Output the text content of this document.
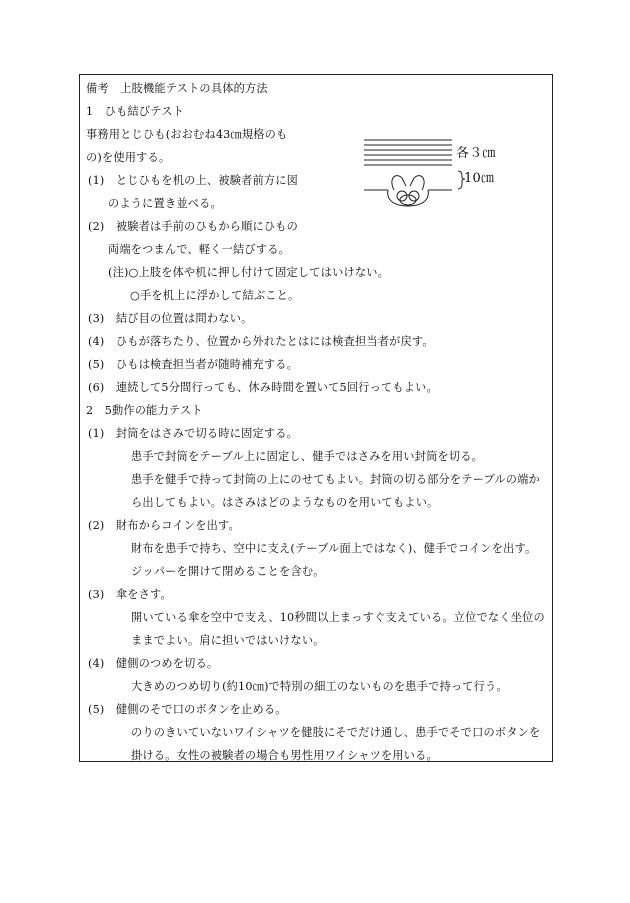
備考　上肢機能テストの具体的方法
1　ひも結びテスト
事務用とじひも(おおむね43㎝規格のも
の)を使用する。
(1)　とじひもを机の上、被験者前方に図
のように置き並べる。
(2)　被験者は手前のひもから順にひもの
両端をつまんで、軽く一結びする。
(注)○上肢を体や机に押し付けて固定してはいけない。
○手を机上に浮かして結ぶこと。
(3)　結び目の位置は問わない。
(4)　ひもが落ちたり、位置から外れたとはには検査担当者が戻す。
(5)　ひもは検査担当者が随時補充する。
(6)　連続して5分間行っても、休み時間を置いて5回行ってもよい。
各３㎝
10㎝
2　5動作の能力テスト
(1)　封筒をはさみで切る時に固定する。
患手で封筒をテーブル上に固定し、健手ではさみを用い封筒を切る。
患手を健手で持って封筒の上にのせてもよい。封筒の切る部分をテーブルの端か
ら出してもよい。はさみはどのようなものを用いてもよい。
(2)　財布からコインを出す。
財布を患手で持ち、空中に支え(テーブル面上ではなく)、健手でコインを出す。
ジッパーを開けて閉めることを含む。
(3)　傘をさす。
開いている傘を空中で支え、10秒間以上まっすぐ支えている。立位でなく坐位の
ままでよい。肩に担いではいけない。
(4)　健側のつめを切る。
大きめのつめ切り(約10㎝)で特別の細工のないものを患手で持って行う。
(5)　健側のそで口のボタンを止める。
のりのきいていないワイシャツを健肢にそでだけ通し、患手でそで口のボタンを
掛ける。女性の被験者の場合も男性用ワイシャツを用いる。
